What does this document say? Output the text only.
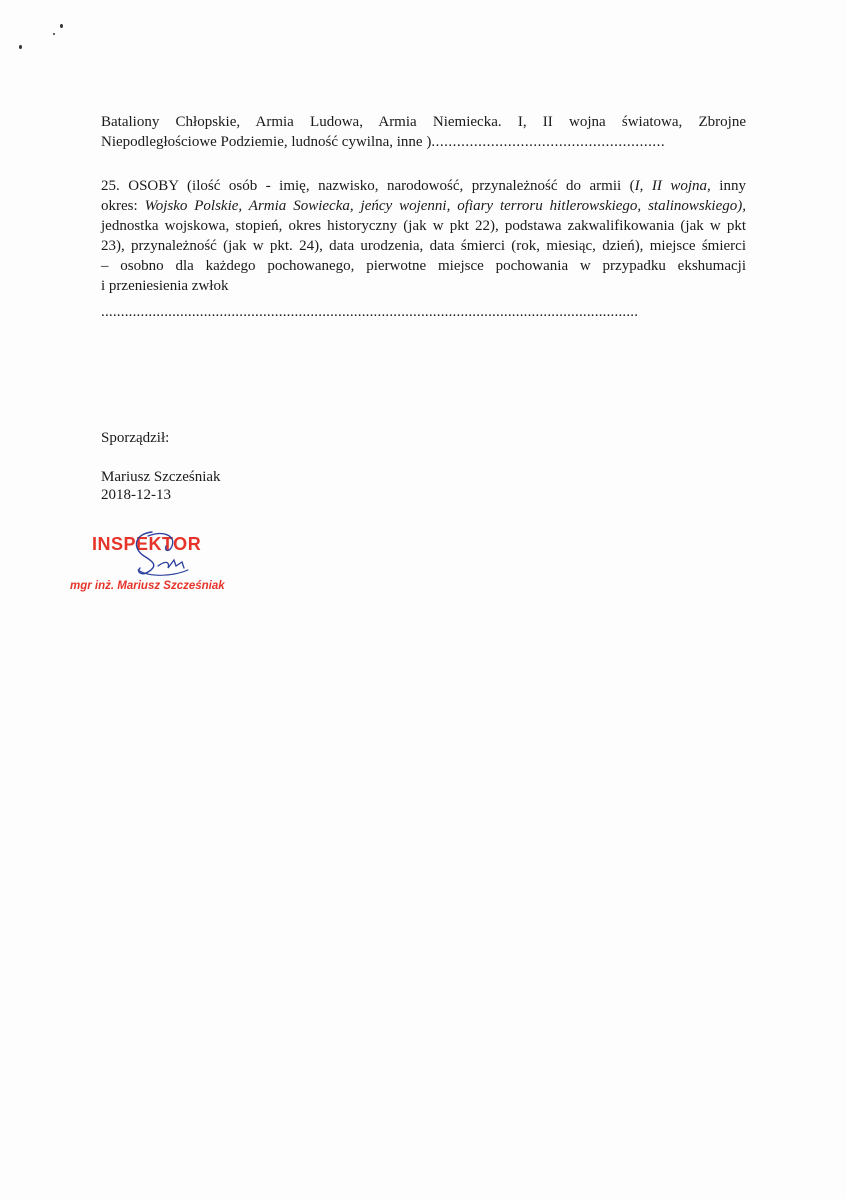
Bataliony Chłopskie, Armia Ludowa, Armia Niemiecka. I, II wojna światowa, Zbrojne
Niepodległościowe Podziemie, ludność cywilna, inne ).......................................................
25. OSOBY (ilość osób - imię, nazwisko, narodowość, przynależność do armii (I, II wojna, inny
okres: Wojsko Polskie, Armia Sowiecka, jeńcy wojenni, ofiary terroru hitlerowskiego, stalinowskiego),
jednostka wojskowa, stopień, okres historyczny (jak w pkt 22), podstawa zakwalifikowania (jak w pkt
23), przynależność (jak w pkt. 24), data urodzenia, data śmierci (rok, miesiąc, dzień), miejsce śmierci
– osobno dla każdego pochowanego, pierwotne miejsce pochowania w przypadku ekshumacji
i przeniesienia zwłok
........................................................................................................................................
Sporządził:
Mariusz Szcześniak
2018-12-13
INSPEKTOR
mgr inż. Mariusz Szcześniak
